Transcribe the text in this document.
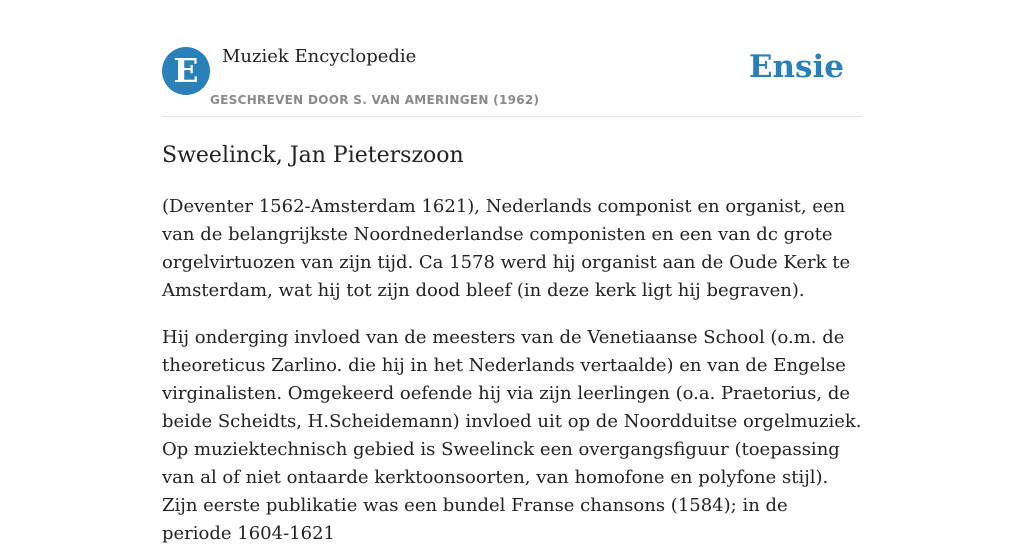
E	Muziek Encyclopedie
GESCHREVEN DOOR S. VAN AMERINGEN (1962)
Ensie
Sweelinck, Jan Pieterszoon

(Deventer 1562-Amsterdam 1621), Nederlands componist en organist, een van de belangrijkste Noordnederlandse componisten en een van dc grote orgelvirtuozen van zijn tijd. Ca 1578 werd hij organist aan de Oude Kerk te Amsterdam, wat hij tot zijn dood bleef (in deze kerk ligt hij begraven).

Hij onderging invloed van de meesters van de Venetiaanse School (o.m. de theoreticus Zarlino. die hij in het Nederlands vertaalde) en van de Engelse virginalisten. Omgekeerd oefende hij via zijn leerlingen (o.a. Praetorius, de beide Scheidts, H.Scheidemann) invloed uit op de Noordduitse orgelmuziek. Op muziektechnisch gebied is Sweelinck een overgangsfiguur (toepassing van al of niet ontaarde kerktoonsoorten, van homofone en polyfone stijl). Zijn eerste publikatie was een bundel Franse chansons (1584); in de periode 1604-1621
